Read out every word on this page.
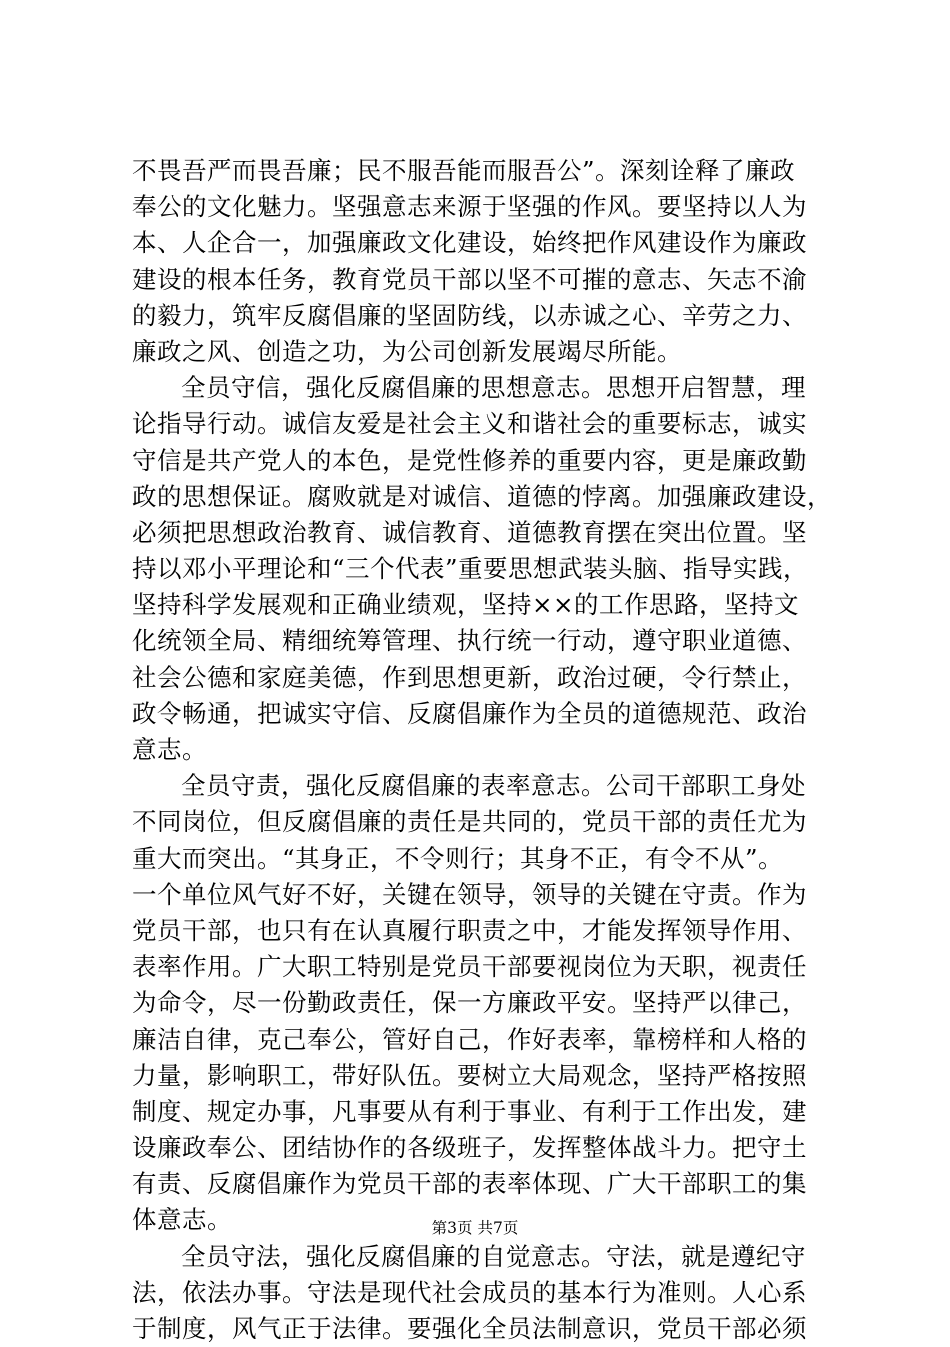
不畏吾严而畏吾廉；民不服吾能而服吾公”。深刻诠释了廉政
奉公的文化魅力。坚强意志来源于坚强的作风。要坚持以人为
本、人企合一，加强廉政文化建设，始终把作风建设作为廉政
建设的根本任务，教育党员干部以坚不可摧的意志、矢志不渝
的毅力，筑牢反腐倡廉的坚固防线，以赤诚之心、辛劳之力、
廉政之风、创造之功，为公司创新发展竭尽所能。
全员守信，强化反腐倡廉的思想意志。思想开启智慧，理
论指导行动。诚信友爱是社会主义和谐社会的重要标志，诚实
守信是共产党人的本色，是党性修养的重要内容，更是廉政勤
政的思想保证。腐败就是对诚信、道德的悖离。加强廉政建设，
必须把思想政治教育、诚信教育、道德教育摆在突出位置。坚
持以邓小平理论和“三个代表”重要思想武装头脑、指导实践，
坚持科学发展观和正确业绩观，坚持××的工作思路，坚持文
化统领全局、精细统筹管理、执行统一行动，遵守职业道德、
社会公德和家庭美德，作到思想更新，政治过硬，令行禁止，
政令畅通，把诚实守信、反腐倡廉作为全员的道德规范、政治
意志。
全员守责，强化反腐倡廉的表率意志。公司干部职工身处
不同岗位，但反腐倡廉的责任是共同的，党员干部的责任尤为
重大而突出。“其身正，不令则行；其身不正，有令不从”。
一个单位风气好不好，关键在领导，领导的关键在守责。作为
党员干部，也只有在认真履行职责之中，才能发挥领导作用、
表率作用。广大职工特别是党员干部要视岗位为天职，视责任
为命令，尽一份勤政责任，保一方廉政平安。坚持严以律己，
廉洁自律，克己奉公，管好自己，作好表率，靠榜样和人格的
力量，影响职工，带好队伍。要树立大局观念，坚持严格按照
制度、规定办事，凡事要从有利于事业、有利于工作出发，建
设廉政奉公、团结协作的各级班子，发挥整体战斗力。把守土
有责、反腐倡廉作为党员干部的表率体现、广大干部职工的集
体意志。
全员守法，强化反腐倡廉的自觉意志。守法，就是遵纪守
法，依法办事。守法是现代社会成员的基本行为准则。人心系
于制度，风气正于法律。要强化全员法制意识，党员干部必须
第3页 共7页
